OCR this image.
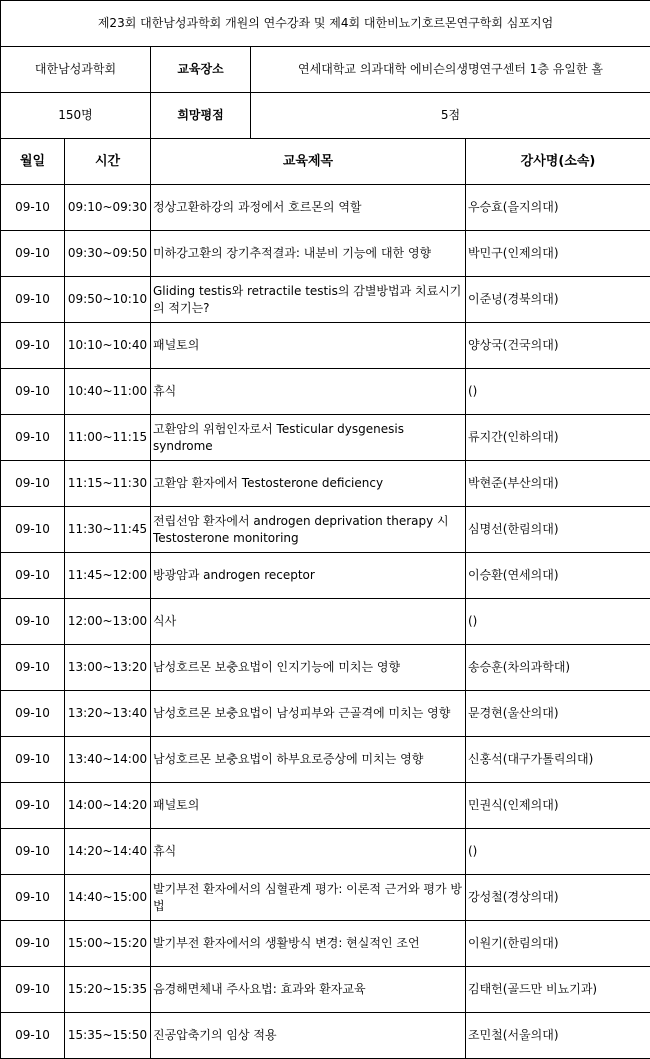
제23회 대한남성과학회 개원의 연수강좌 및 제4회 대한비뇨기호르몬연구학회 심포지엄				
대한남성과학회		교육장소	연세대학교 의과대학 에비슨의생명연구센터 1층 유일한 홀	
150명		희망평점	5점	
월일	시간	교육제목		강사명(소속)
09-10	09:10~09:30	정상고환하강의 과정에서 호르몬의 역할		우승효(을지의대)
09-10	09:30~09:50	미하강고환의 장기추적결과: 내분비 기능에 대한 영향		박민구(인제의대)
09-10	09:50~10:10	Gliding testis와 retractile testis의 감별방법과 치료시기의 적기는?		이준녕(경북의대)
09-10	10:10~10:40	패널토의		양상국(건국의대)
09-10	10:40~11:00	휴식		()
09-10	11:00~11:15	고환암의 위험인자로서 Testicular dysgenesis syndrome		류지간(인하의대)
09-10	11:15~11:30	고환암 환자에서 Testosterone deficiency		박현준(부산의대)
09-10	11:30~11:45	전립선암 환자에서 androgen deprivation therapy 시 Testosterone monitoring		심명선(한림의대)
09-10	11:45~12:00	방광암과 androgen receptor		이승환(연세의대)
09-10	12:00~13:00	식사		()
09-10	13:00~13:20	남성호르몬 보충요법이 인지기능에 미치는 영향		송승훈(차의과학대)
09-10	13:20~13:40	남성호르몬 보충요법이 남성피부와 근골격에 미치는 영향		문경현(울산의대)
09-10	13:40~14:00	남성호르몬 보충요법이 하부요로증상에 미치는 영향		신홍석(대구가톨릭의대)
09-10	14:00~14:20	패널토의		민권식(인제의대)
09-10	14:20~14:40	휴식		()
09-10	14:40~15:00	발기부전 환자에서의 심혈관계 평가: 이론적 근거와 평가 방법		강성철(경상의대)
09-10	15:00~15:20	발기부전 환자에서의 생활방식 변경: 현실적인 조언		이원기(한림의대)
09-10	15:20~15:35	음경해면체내 주사요법: 효과와 환자교육		김태헌(골드만 비뇨기과)
09-10	15:35~15:50	진공압축기의 임상 적용		조민철(서울의대)
